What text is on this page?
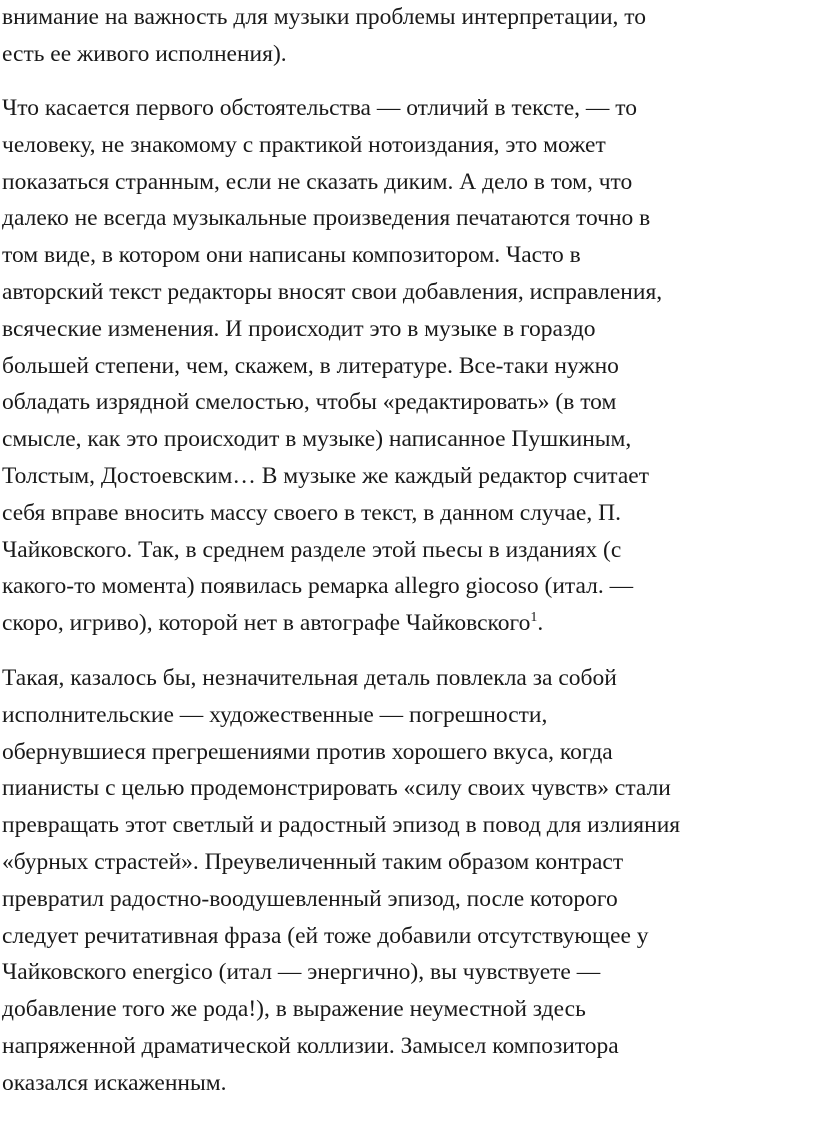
внимание на важность для музыки проблемы интерпретации, то
есть ее живого исполнения).
Что касается первого обстоятельства — отличий в тексте, — то
человеку, не знакомому с практикой нотоиздания, это может
показаться странным, если не сказать диким. А дело в том, что
далеко не всегда музыкальные произведения печатаются точно в
том виде, в котором они написаны композитором. Часто в
авторский текст редакторы вносят свои добавления, исправления,
всяческие изменения. И происходит это в музыке в гораздо
большей степени, чем, скажем, в литературе. Все-таки нужно
обладать изрядной смелостью, чтобы «редактировать» (в том
смысле, как это происходит в музыке) написанное Пушкиным,
Толстым, Достоевским… В музыке же каждый редактор считает
себя вправе вносить массу своего в текст, в данном случае, П.
Чайковского. Так, в среднем разделе этой пьесы в изданиях (с
какого-то момента) появилась ремарка allegro giocoso (итал. —
скоро, игриво), которой нет в автографе Чайковского$^1$.
Такая, казалось бы, незначительная деталь повлекла за собой
исполнительские — художественные — погрешности,
обернувшиеся прегрешениями против хорошего вкуса, когда
пианисты с целью продемонстрировать «силу своих чувств» стали
превращать этот светлый и радостный эпизод в повод для излияния
«бурных страстей». Преувеличенный таким образом контраст
превратил радостно-воодушевленный эпизод, после которого
следует речитативная фраза (ей тоже добавили отсутствующее у
Чайковского energico (итал — энергично), вы чувствуете —
добавление того же рода!), в выражение неуместной здесь
напряженной драматической коллизии. Замысел композитора
оказался искаженным.
